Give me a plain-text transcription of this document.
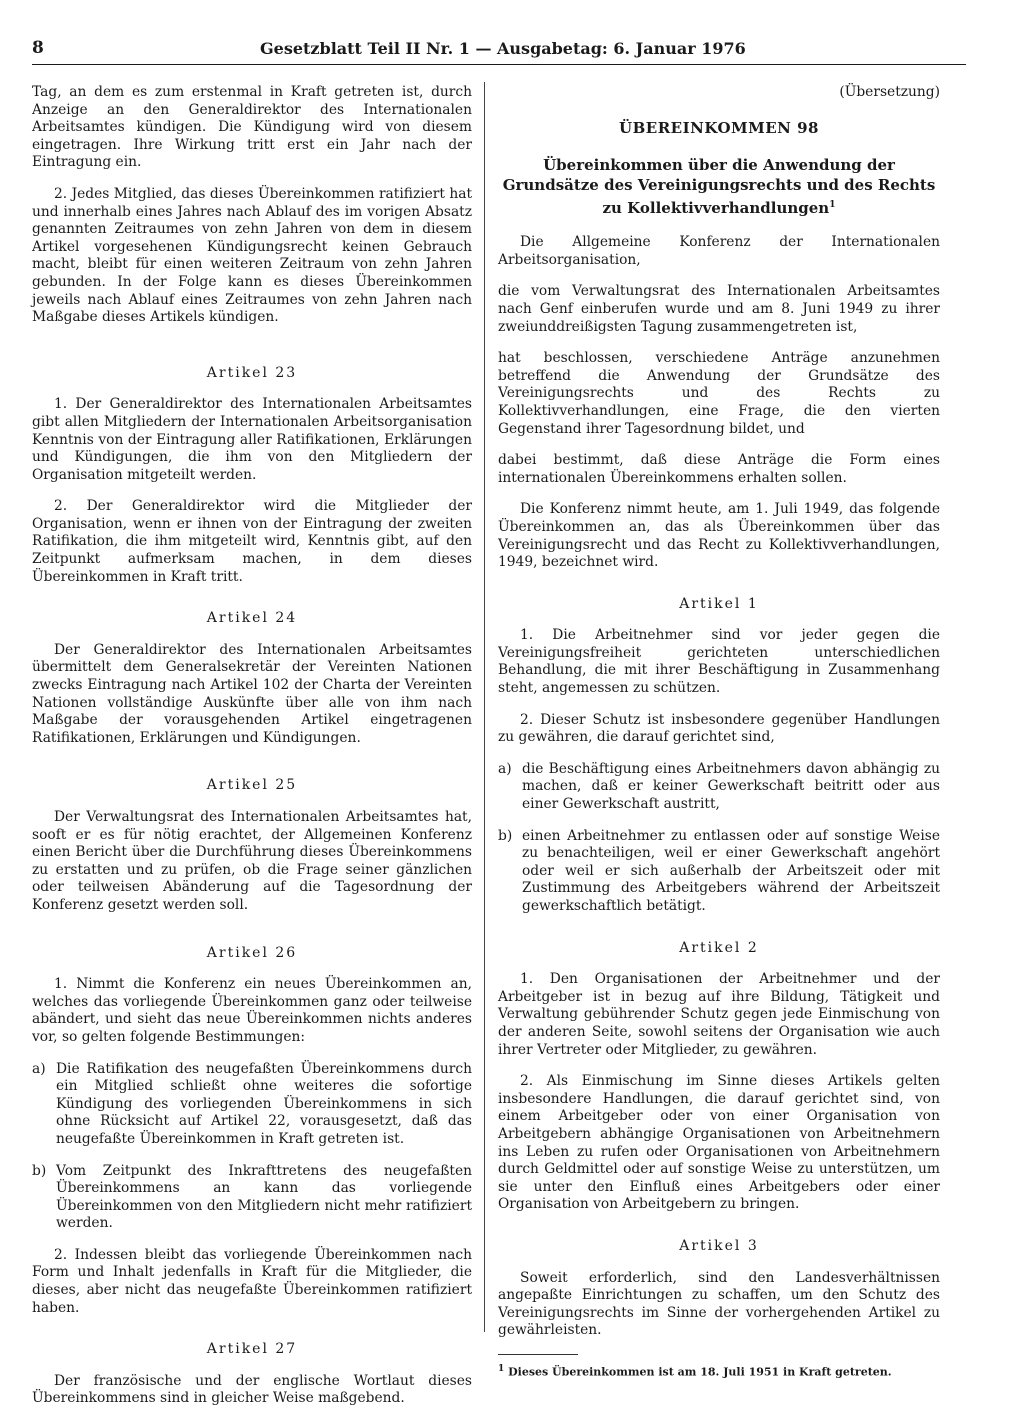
8	Gesetzblatt Teil II Nr. 1 — Ausgabetag: 6. Januar 1976

Tag, an dem es zum erstenmal in Kraft getreten ist, durch Anzeige an den Generaldirektor des Internationalen Arbeitsamtes kündigen. Die Kündigung wird von diesem eingetragen. Ihre Wirkung tritt erst ein Jahr nach der Eintragung ein.

2. Jedes Mitglied, das dieses Übereinkommen ratifiziert hat und innerhalb eines Jahres nach Ablauf des im vorigen Absatz genannten Zeitraumes von zehn Jahren von dem in diesem Artikel vorgesehenen Kündigungsrecht keinen Gebrauch macht, bleibt für einen weiteren Zeitraum von zehn Jahren gebunden. In der Folge kann es dieses Übereinkommen jeweils nach Ablauf eines Zeitraumes von zehn Jahren nach Maßgabe dieses Artikels kündigen.

Artikel 23

1. Der Generaldirektor des Internationalen Arbeitsamtes gibt allen Mitgliedern der Internationalen Arbeitsorganisation Kenntnis von der Eintragung aller Ratifikationen, Erklärungen und Kündigungen, die ihm von den Mitgliedern der Organisation mitgeteilt werden.

2. Der Generaldirektor wird die Mitglieder der Organisation, wenn er ihnen von der Eintragung der zweiten Ratifikation, die ihm mitgeteilt wird, Kenntnis gibt, auf den Zeitpunkt aufmerksam machen, in dem dieses Übereinkommen in Kraft tritt.

Artikel 24

Der Generaldirektor des Internationalen Arbeitsamtes übermittelt dem Generalsekretär der Vereinten Nationen zwecks Eintragung nach Artikel 102 der Charta der Vereinten Nationen vollständige Auskünfte über alle von ihm nach Maßgabe der vorausgehenden Artikel eingetragenen Ratifikationen, Erklärungen und Kündigungen.

Artikel 25

Der Verwaltungsrat des Internationalen Arbeitsamtes hat, sooft er es für nötig erachtet, der Allgemeinen Konferenz einen Bericht über die Durchführung dieses Übereinkommens zu erstatten und zu prüfen, ob die Frage seiner gänzlichen oder teilweisen Abänderung auf die Tagesordnung der Konferenz gesetzt werden soll.

Artikel 26

1. Nimmt die Konferenz ein neues Übereinkommen an, welches das vorliegende Übereinkommen ganz oder teilweise abändert, und sieht das neue Übereinkommen nichts anderes vor, so gelten folgende Bestimmungen:

a) Die Ratifikation des neugefaßten Übereinkommens durch ein Mitglied schließt ohne weiteres die sofortige Kündigung des vorliegenden Übereinkommens in sich ohne Rücksicht auf Artikel 22, vorausgesetzt, daß das neugefaßte Übereinkommen in Kraft getreten ist.
b) Vom Zeitpunkt des Inkrafttretens des neugefaßten Übereinkommens an kann das vorliegende Übereinkommen von den Mitgliedern nicht mehr ratifiziert werden.

2. Indessen bleibt das vorliegende Übereinkommen nach Form und Inhalt jedenfalls in Kraft für die Mitglieder, die dieses, aber nicht das neugefaßte Übereinkommen ratifiziert haben.

Artikel 27

Der französische und der englische Wortlaut dieses Übereinkommens sind in gleicher Weise maßgebend.

(Übersetzung)
ÜBEREINKOMMEN 98
Übereinkommen über die Anwendung der Grundsätze des Vereinigungsrechts und des Rechts zu Kollektivverhandlungen$^1$

Die Allgemeine Konferenz der Internationalen Arbeitsorganisation,

die vom Verwaltungsrat des Internationalen Arbeitsamtes nach Genf einberufen wurde und am 8. Juni 1949 zu ihrer zweiunddreißigsten Tagung zusammengetreten ist,

hat beschlossen, verschiedene Anträge anzunehmen betreffend die Anwendung der Grundsätze des Vereinigungsrechts und des Rechts zu Kollektivverhandlungen, eine Frage, die den vierten Gegenstand ihrer Tagesordnung bildet, und

dabei bestimmt, daß diese Anträge die Form eines internationalen Übereinkommens erhalten sollen.

Die Konferenz nimmt heute, am 1. Juli 1949, das folgende Übereinkommen an, das als Übereinkommen über das Vereinigungsrecht und das Recht zu Kollektivverhandlungen, 1949, bezeichnet wird.

Artikel 1

1. Die Arbeitnehmer sind vor jeder gegen die Vereinigungsfreiheit gerichteten unterschiedlichen Behandlung, die mit ihrer Beschäftigung in Zusammenhang steht, angemessen zu schützen.

2. Dieser Schutz ist insbesondere gegenüber Handlungen zu gewähren, die darauf gerichtet sind,

a) die Beschäftigung eines Arbeitnehmers davon abhängig zu machen, daß er keiner Gewerkschaft beitritt oder aus einer Gewerkschaft austritt,
b) einen Arbeitnehmer zu entlassen oder auf sonstige Weise zu benachteiligen, weil er einer Gewerkschaft angehört oder weil er sich außerhalb der Arbeitszeit oder mit Zustimmung des Arbeitgebers während der Arbeitszeit gewerkschaftlich betätigt.
Artikel 2

1. Den Organisationen der Arbeitnehmer und der Arbeitgeber ist in bezug auf ihre Bildung, Tätigkeit und Verwaltung gebührender Schutz gegen jede Einmischung von der anderen Seite, sowohl seitens der Organisation wie auch ihrer Vertreter oder Mitglieder, zu gewähren.

2. Als Einmischung im Sinne dieses Artikels gelten insbesondere Handlungen, die darauf gerichtet sind, von einem Arbeitgeber oder von einer Organisation von Arbeitgebern abhängige Organisationen von Arbeitnehmern ins Leben zu rufen oder Organisationen von Arbeitnehmern durch Geldmittel oder auf sonstige Weise zu unterstützen, um sie unter den Einfluß eines Arbeitgebers oder einer Organisation von Arbeitgebern zu bringen.

Artikel 3

Soweit erforderlich, sind den Landesverhältnissen angepaßte Einrichtungen zu schaffen, um den Schutz des Vereinigungsrechts im Sinne der vorhergehenden Artikel zu gewährleisten.

$^1$ Dieses Übereinkommen ist am 18. Juli 1951 in Kraft getreten.
